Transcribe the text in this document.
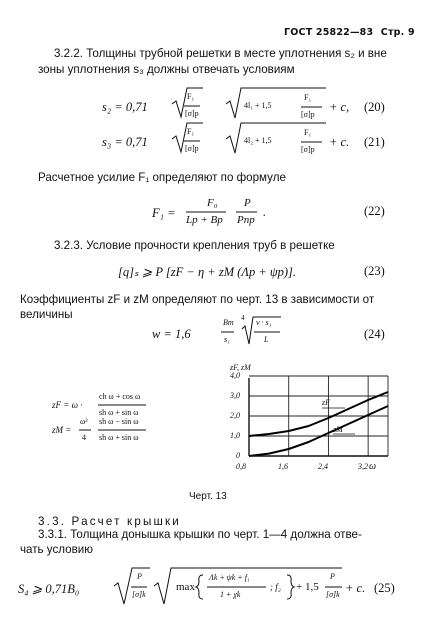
ГОСТ 25822—83 Стр. 9
3.2.2. Толщины трубной решетки в месте уплотнения s₂ и вне
зоны уплотнения s₃ должны отвечать условиям
s₂ = 0,71
F₁
[σ]p
4l₁ + 1,5
F₁
[σ]p
+ c, (20)
s₃ = 0,71
F₁
[σ]p
4l₂ + 1,5
F₁
[σ]p
+ c. (21)
Расчетное усилие F₁ определяют по формуле
F₁ =
F₀
Lp + Bp
P
Pnp
.	(22)
3.2.3. Условие прочности крепления труб в решетке
[q]ₛ ⩾ P [zF − η + zM (Λp + ψp)].	(23)
Коэффициенты zF и zM определяют по черт. 13 в зависимости от
величины
w = 1,6
Bт
s₁
4 v · s₁
L	(24)
zF = ω ·
ch ω + cos ω
sh ω + sin ω
zM =
ω²
4
sh ω − sin ω
sh ω + sin ω
zF, zM
ω
4,0
3,0
2,0
1,0
0
0,8	1,6	2,4	3,2
zF
zM
Черт. 13
3.3. Расчет крышки
3.3.1. Толщина донышка крышки по черт. 1—4 должна отве-
чать условию
S₄ ⩾ 0,71B₀
P
[σ]k
max
Λk + ψk + f₁
1 + χk
; f₂ + 1,5
P
[σ]k + c. (25)
